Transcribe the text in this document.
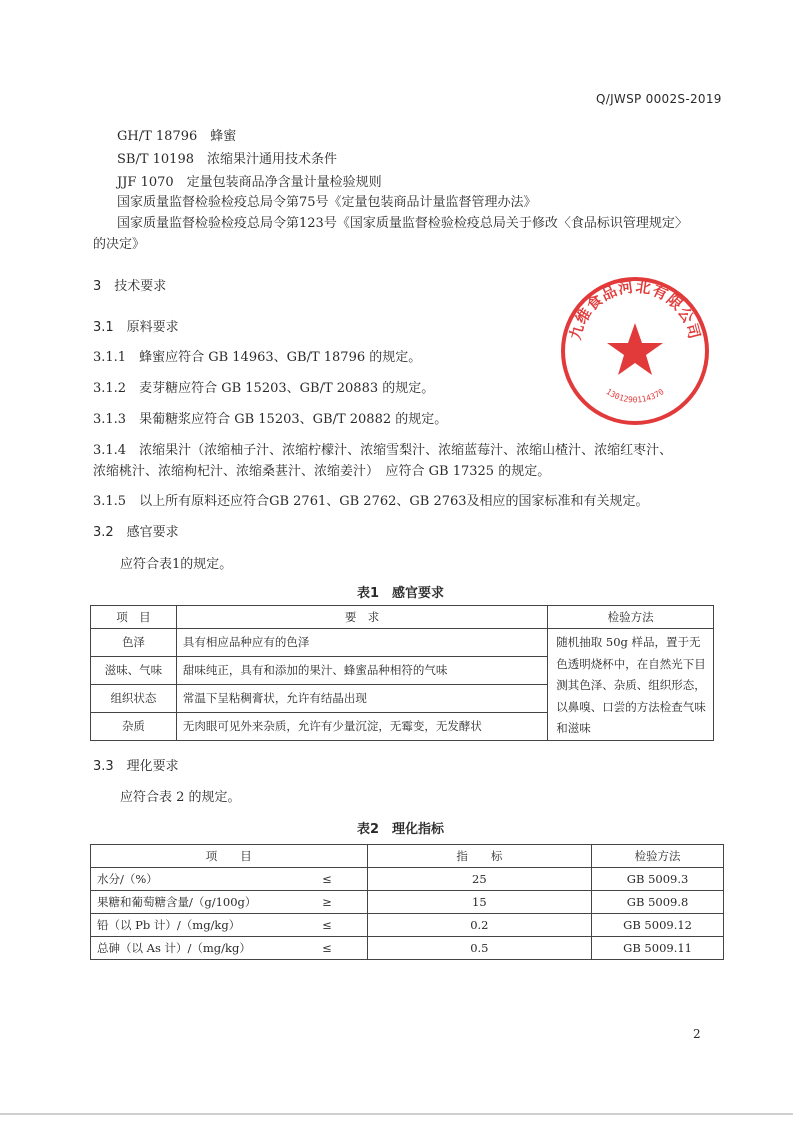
Q/JWSP 0002S-2019
GH/T 18796　蜂蜜
SB/T 10198　浓缩果汁通用技术条件
JJF 1070　定量包装商品净含量计量检验规则
国家质量监督检验检疫总局令第75号《定量包装商品计量监督管理办法》
国家质量监督检验检疫总局令第123号《国家质量监督检验检疫总局关于修改〈食品标识管理规定〉
的决定》
3　技术要求
3.1　原料要求
3.1.1　蜂蜜应符合 GB 14963、GB/T 18796 的规定。
3.1.2　麦芽糖应符合 GB 15203、GB/T 20883 的规定。
3.1.3　果葡糖浆应符合 GB 15203、GB/T 20882 的规定。
3.1.4　浓缩果汁（浓缩柚子汁、浓缩柠檬汁、浓缩雪梨汁、浓缩蓝莓汁、浓缩山楂汁、浓缩红枣汁、
浓缩桃汁、浓缩枸杞汁、浓缩桑葚汁、浓缩姜汁）　应符合 GB 17325 的规定。
3.1.5　以上所有原料还应符合GB 2761、GB 2762、GB 2763及相应的国家标准和有关规定。
3.2　感官要求
应符合表1的规定。
表1　感官要求
项　目	要　求	检验方法
色泽	具有相应品种应有的色泽	随机抽取 50g 样品，置于无色透明烧杯中，在自然光下目测其色泽、杂质、组织形态，以鼻嗅、口尝的方法检查气味和滋味
滋味、气味	甜味纯正，具有和添加的果汁、蜂蜜品种相符的气味	
组织状态	常温下呈粘稠膏状，允许有结晶出现	
杂质	无肉眼可见外来杂质，允许有少量沉淀，无霉变，无发酵状	
3.3　理化要求
应符合表 2 的规定。
表2　理化指标
项　　目		指　　标	检验方法
水分/（%）	≤	25	GB 5009.3
果糖和葡萄糖含量/（g/100g）	≥	15	GB 5009.8
铅（以 Pb 计）/（mg/kg）	≤	0.2	GB 5009.12
总砷（以 As 计）/（mg/kg）	≤	0.5	GB 5009.11
九维食品河北有限公司
1301290114370
2
